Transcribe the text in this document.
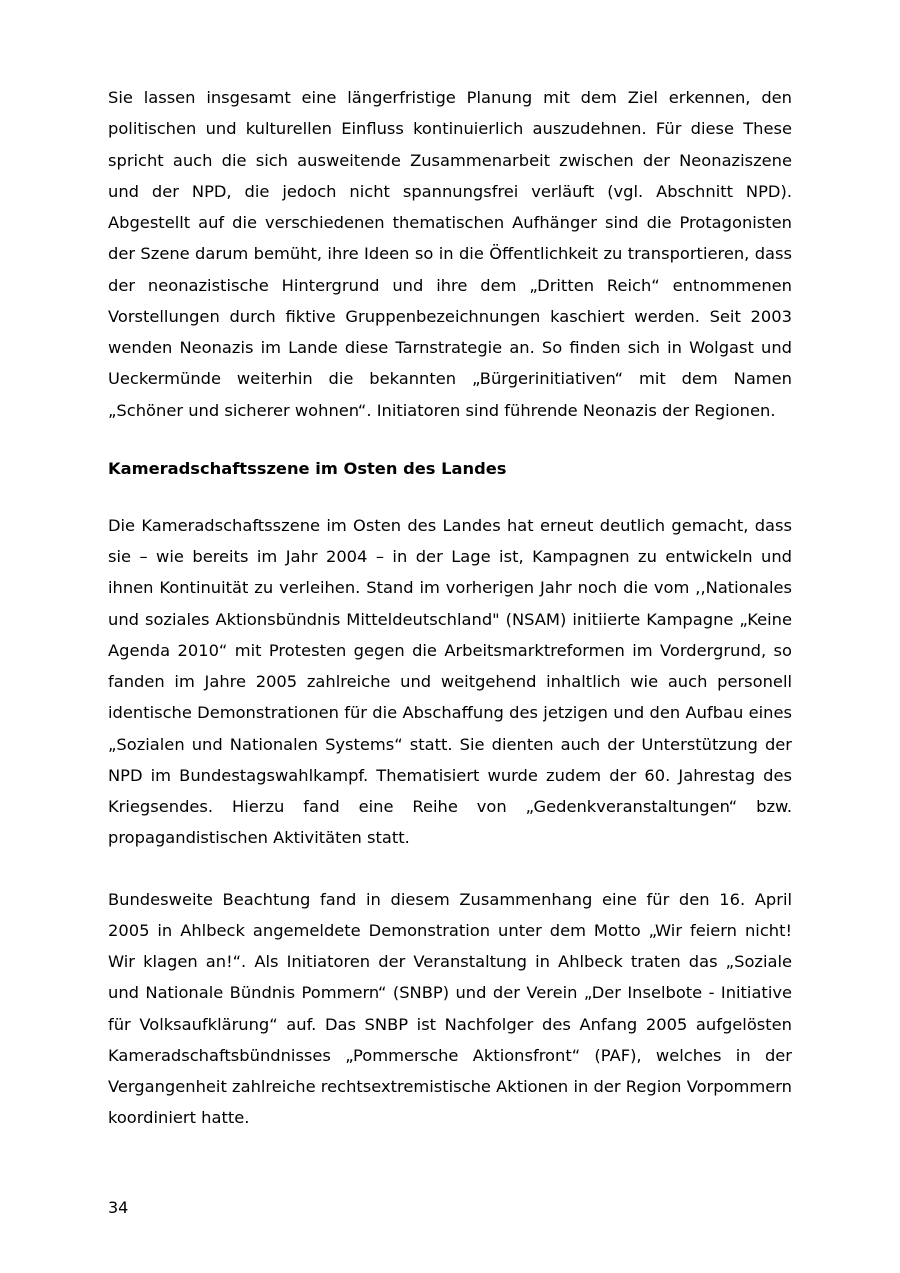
Sie lassen insgesamt eine längerfristige Planung mit dem Ziel erkennen, den politischen und kulturellen Einfluss kontinuierlich auszudehnen. Für diese These spricht auch die sich ausweitende Zusammenarbeit zwischen der Neonaziszene und der NPD, die jedoch nicht spannungsfrei verläuft (vgl. Abschnitt NPD). Abgestellt auf die verschiedenen thematischen Aufhänger sind die Protagonisten der Szene darum bemüht, ihre Ideen so in die Öffentlichkeit zu transportieren, dass der neonazistische Hintergrund und ihre dem „Dritten Reich“ entnommenen Vorstellungen durch fiktive Gruppenbezeichnungen kaschiert werden. Seit 2003 wenden Neonazis im Lande diese Tarnstrategie an. So finden sich in Wolgast und Ueckermünde weiterhin die bekannten „Bürgerinitiativen“ mit dem Namen „Schöner und sicherer wohnen“. Initiatoren sind führende Neonazis der Regionen.

Kameradschaftsszene im Osten des Landes

Die Kameradschaftsszene im Osten des Landes hat erneut deutlich gemacht, dass sie – wie bereits im Jahr 2004 – in der Lage ist, Kampagnen zu entwickeln und ihnen Kontinuität zu verleihen. Stand im vorherigen Jahr noch die vom ,,Nationales und soziales Aktionsbündnis Mitteldeutschland" (NSAM) initiierte Kampagne „Keine Agenda 2010“ mit Protesten gegen die Arbeitsmarktreformen im Vordergrund, so fanden im Jahre 2005 zahlreiche und weitgehend inhaltlich wie auch personell identische Demonstrationen für die Abschaffung des jetzigen und den Aufbau eines „Sozialen und Nationalen Systems“ statt. Sie dienten auch der Unterstützung der NPD im Bundestagswahlkampf. Thematisiert wurde zudem der 60. Jahrestag des Kriegsendes. Hierzu fand eine Reihe von „Gedenkveranstaltungen“ bzw. propagandistischen Aktivitäten statt.

Bundesweite Beachtung fand in diesem Zusammenhang eine für den 16. April 2005 in Ahlbeck angemeldete Demonstration unter dem Motto „Wir feiern nicht! Wir klagen an!“. Als Initiatoren der Veranstaltung in Ahlbeck traten das „Soziale und Nationale Bündnis Pommern“ (SNBP) und der Verein „Der Inselbote - Initiative für Volksaufklärung“ auf. Das SNBP ist Nachfolger des Anfang 2005 aufgelösten Kameradschaftsbündnisses „Pommersche Aktionsfront“ (PAF), welches in der Vergangenheit zahlreiche rechtsextremistische Aktionen in der Region Vorpommern koordiniert hatte.

34
